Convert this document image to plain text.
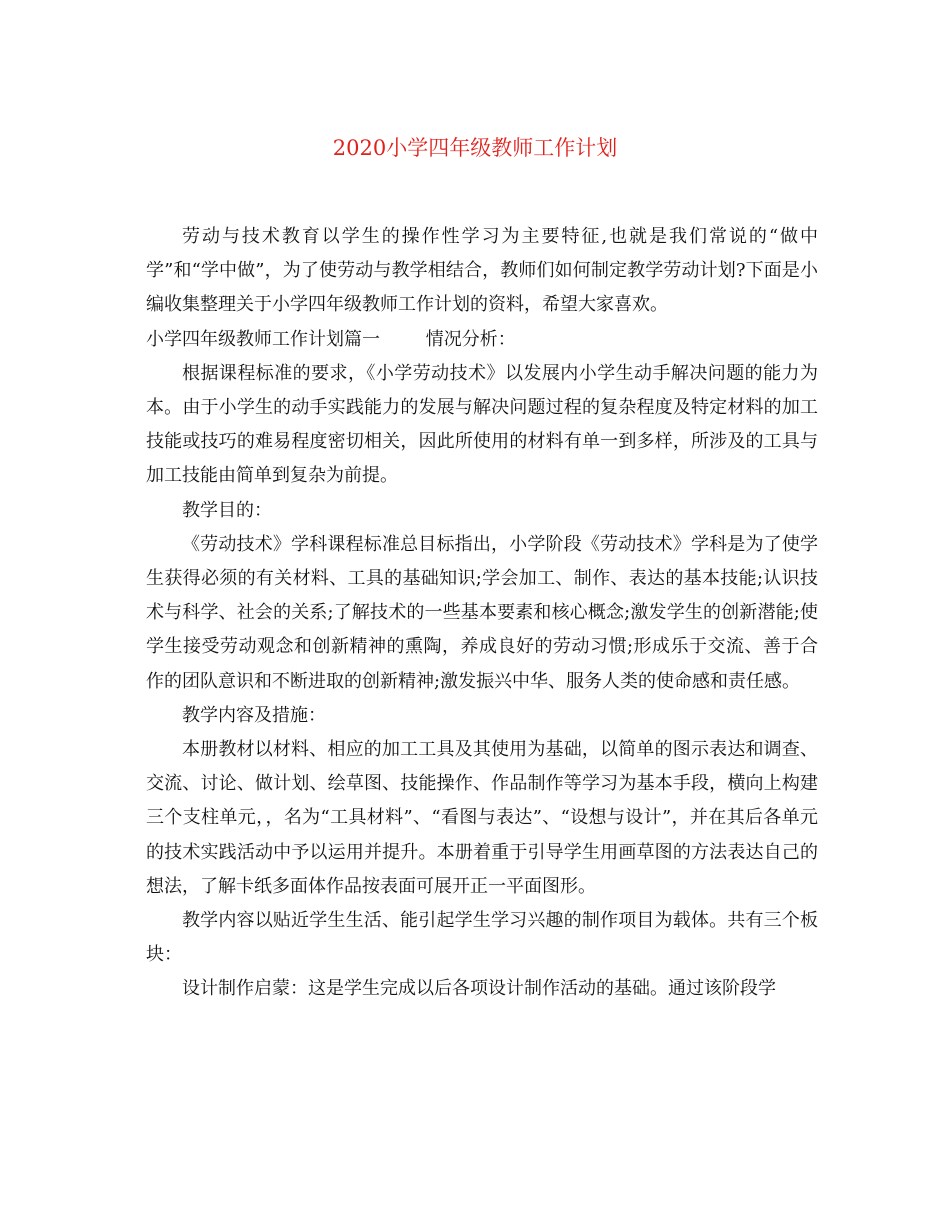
2020小学四年级教师工作计划

劳动与技术教育以学生的操作性学习为主要特征,也就是我们常说的“做中学”和“学中做”，为了使劳动与教学相结合，教师们如何制定教学劳动计划?下面是小编收集整理关于小学四年级教师工作计划的资料，希望大家喜欢。

小学四年级教师工作计划篇一        情况分析：

根据课程标准的要求，《小学劳动技术》以发展内小学生动手解决问题的能力为本。由于小学生的动手实践能力的发展与解决问题过程的复杂程度及特定材料的加工技能或技巧的难易程度密切相关，因此所使用的材料有单一到多样，所涉及的工具与加工技能由简单到复杂为前提。

教学目的：

《劳动技术》学科课程标准总目标指出，小学阶段《劳动技术》学科是为了使学生获得必须的有关材料、工具的基础知识;学会加工、制作、表达的基本技能;认识技术与科学、社会的关系;了解技术的一些基本要素和核心概念;激发学生的创新潜能;使学生接受劳动观念和创新精神的熏陶，养成良好的劳动习惯;形成乐于交流、善于合作的团队意识和不断进取的创新精神;激发振兴中华、服务人类的使命感和责任感。

教学内容及措施：

本册教材以材料、相应的加工工具及其使用为基础，以简单的图示表达和调查、交流、讨论、做计划、绘草图、技能操作、作品制作等学习为基本手段，横向上构建三个支柱单元，，名为“工具材料”、“看图与表达”、“设想与设计”，并在其后各单元的技术实践活动中予以运用并提升。本册着重于引导学生用画草图的方法表达自己的想法，了解卡纸多面体作品按表面可展开正一平面图形。

教学内容以贴近学生生活、能引起学生学习兴趣的制作项目为载体。共有三个板块：

设计制作启蒙：这是学生完成以后各项设计制作活动的基础。通过该阶段学
